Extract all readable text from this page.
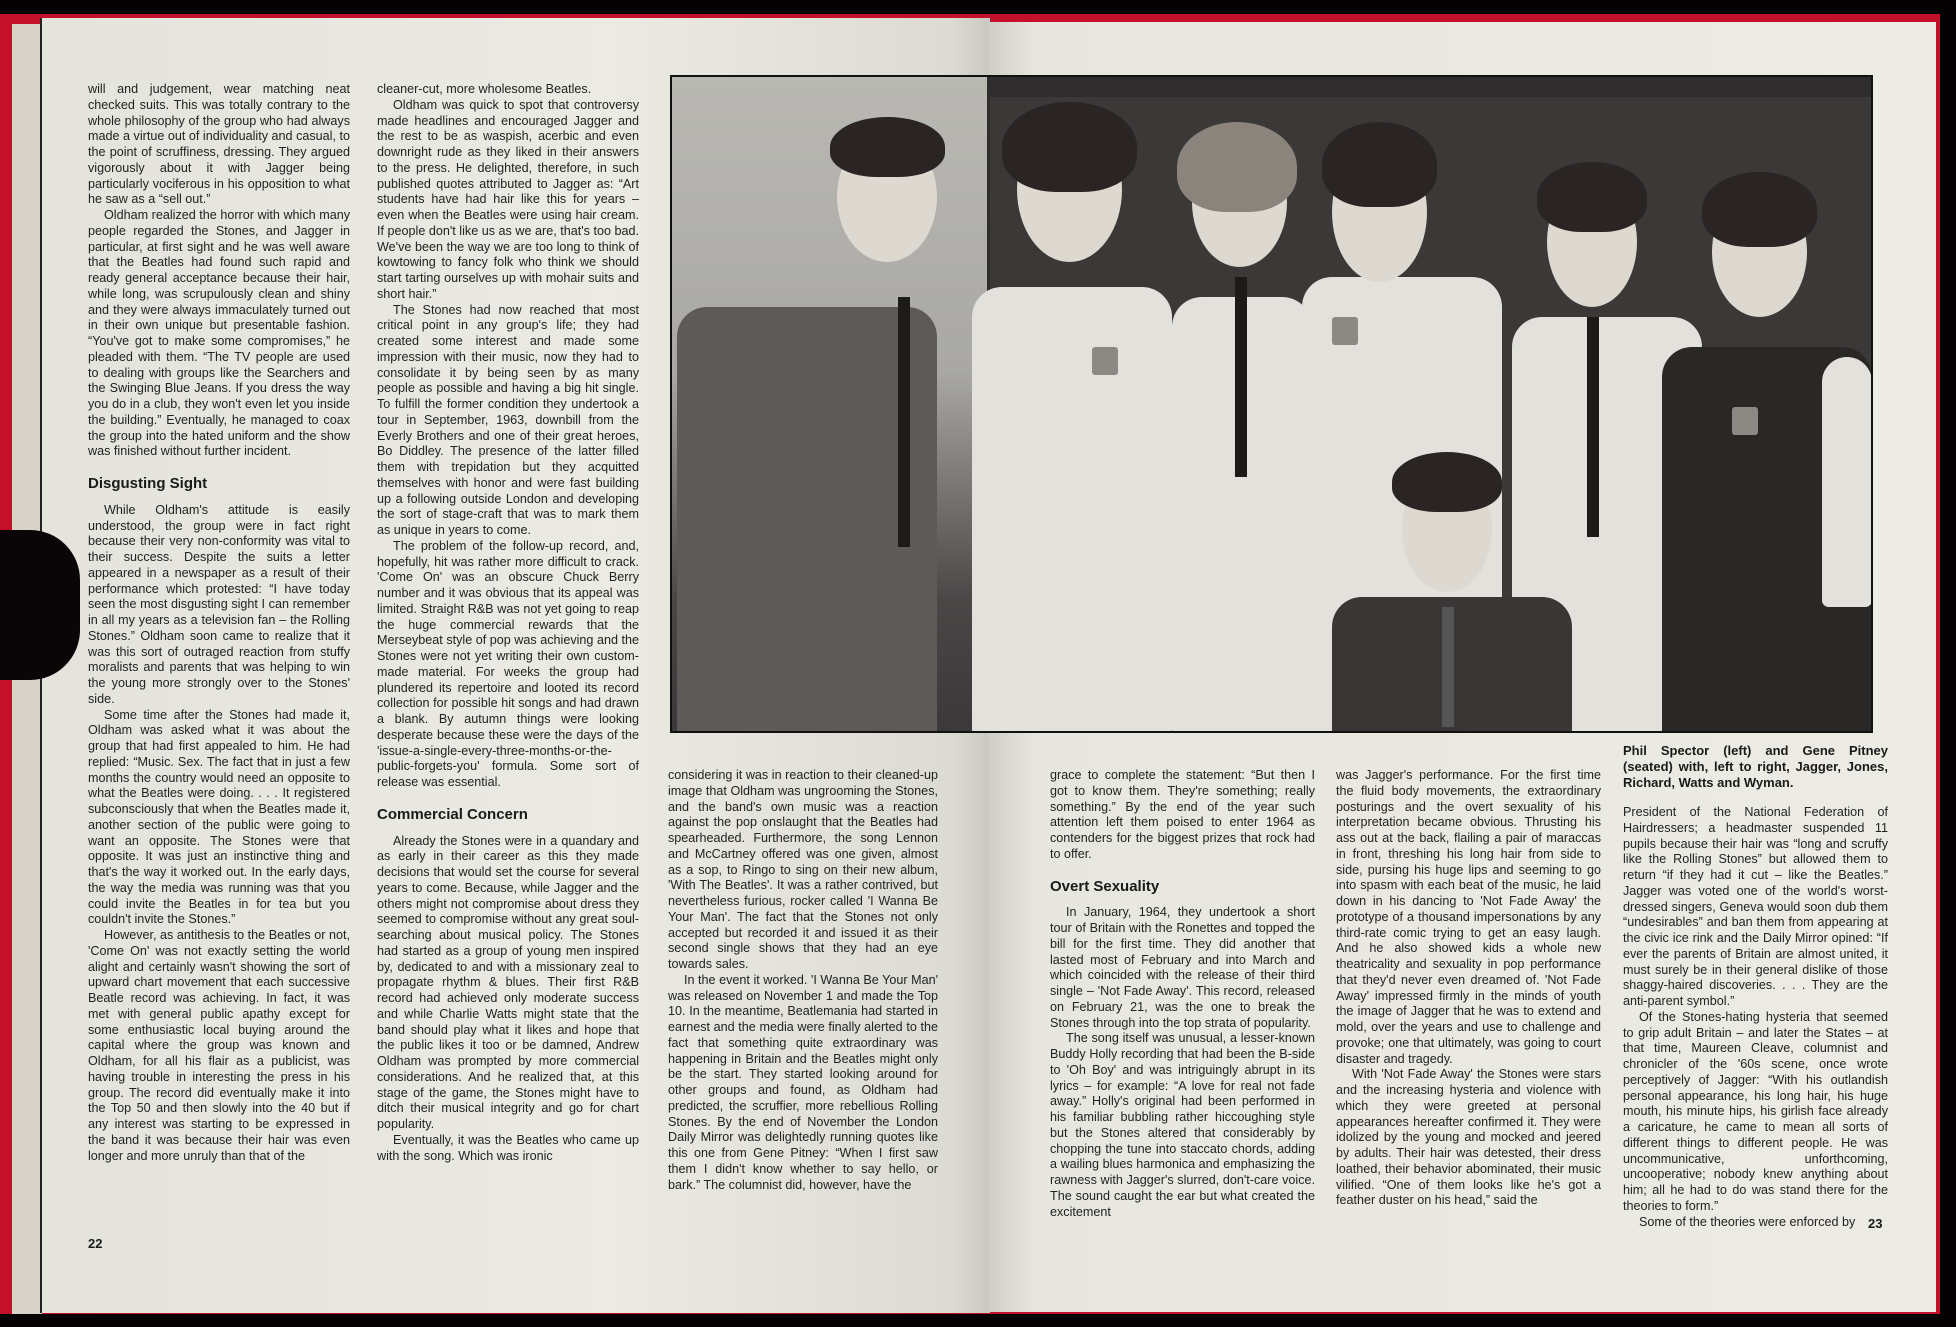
will and judgement, wear matching neat checked suits. This was totally contrary to the whole philosophy of the group who had always made a virtue out of individuality and casual, to the point of scruffiness, dressing. They argued vigorously about it with Jagger being particularly vociferous in his opposition to what he saw as a “sell out.”

Oldham realized the horror with which many people regarded the Stones, and Jagger in particular, at first sight and he was well aware that the Beatles had found such rapid and ready general acceptance because their hair, while long, was scrupulously clean and shiny and they were always immaculately turned out in their own unique but presentable fashion. “You've got to make some compromises,” he pleaded with them. “The TV people are used to dealing with groups like the Searchers and the Swinging Blue Jeans. If you dress the way you do in a club, they won't even let you inside the building.” Eventually, he managed to coax the group into the hated uniform and the show was finished without further incident.

Disgusting Sight

While Oldham's attitude is easily understood, the group were in fact right because their very non-conformity was vital to their success. Despite the suits a letter appeared in a newspaper as a result of their performance which protested: “I have today seen the most disgusting sight I can remember in all my years as a television fan – the Rolling Stones.” Oldham soon came to realize that it was this sort of outraged reaction from stuffy moralists and parents that was helping to win the young more strongly over to the Stones' side.

Some time after the Stones had made it, Oldham was asked what it was about the group that had first appealed to him. He had replied: “Music. Sex. The fact that in just a few months the country would need an opposite to what the Beatles were doing. . . . It registered subconsciously that when the Beatles made it, another section of the public were going to want an opposite. The Stones were that opposite. It was just an instinctive thing and that's the way it worked out. In the early days, the way the media was running was that you could invite the Beatles in for tea but you couldn't invite the Stones.”

However, as antithesis to the Beatles or not, 'Come On' was not exactly setting the world alight and certainly wasn't showing the sort of upward chart movement that each successive Beatle record was achieving. In fact, it was met with general public apathy except for some enthusiastic local buying around the capital where the group was known and Oldham, for all his flair as a publicist, was having trouble in interesting the press in his group. The record did eventually make it into the Top 50 and then slowly into the 40 but if any interest was starting to be expressed in the band it was because their hair was even longer and more unruly than that of the

22

cleaner-cut, more wholesome Beatles.

Oldham was quick to spot that controversy made headlines and encouraged Jagger and the rest to be as waspish, acerbic and even downright rude as they liked in their answers to the press. He delighted, therefore, in such published quotes attributed to Jagger as: “Art students have had hair like this for years – even when the Beatles were using hair cream. If people don't like us as we are, that's too bad. We've been the way we are too long to think of kowtowing to fancy folk who think we should start tarting ourselves up with mohair suits and short hair.”

The Stones had now reached that most critical point in any group's life; they had created some interest and made some impression with their music, now they had to consolidate it by being seen by as many people as possible and having a big hit single. To fulfill the former condition they undertook a tour in September, 1963, downbill from the Everly Brothers and one of their great heroes, Bo Diddley. The presence of the latter filled them with trepidation but they acquitted themselves with honor and were fast building up a following outside London and developing the sort of stage-craft that was to mark them as unique in years to come.

The problem of the follow-up record, and, hopefully, hit was rather more difficult to crack. 'Come On' was an obscure Chuck Berry number and it was obvious that its appeal was limited. Straight R&B was not yet going to reap the huge commercial rewards that the Merseybeat style of pop was achieving and the Stones were not yet writing their own custom-made material. For weeks the group had plundered its repertoire and looted its record collection for possible hit songs and had drawn a blank. By autumn things were looking desperate because these were the days of the 'issue-a-single-every-three-months-or-the-public-forgets-you' formula. Some sort of release was essential.

Commercial Concern

Already the Stones were in a quandary and as early in their career as this they made decisions that would set the course for several years to come. Because, while Jagger and the others might not compromise about dress they seemed to compromise without any great soul-searching about musical policy. The Stones had started as a group of young men inspired by, dedicated to and with a missionary zeal to propagate rhythm & blues. Their first R&B record had achieved only moderate success and while Charlie Watts might state that the band should play what it likes and hope that the public likes it too or be damned, Andrew Oldham was prompted by more commercial considerations. And he realized that, at this stage of the game, the Stones might have to ditch their musical integrity and go for chart popularity.

Eventually, it was the Beatles who came up with the song. Which was ironic

considering it was in reaction to their cleaned-up image that Oldham was ungrooming the Stones, and the band's own music was a reaction against the pop onslaught that the Beatles had spearheaded. Furthermore, the song Lennon and McCartney offered was one given, almost as a sop, to Ringo to sing on their new album, 'With The Beatles'. It was a rather contrived, but nevertheless furious, rocker called 'I Wanna Be Your Man'. The fact that the Stones not only accepted but recorded it and issued it as their second single shows that they had an eye towards sales.

In the event it worked. 'I Wanna Be Your Man' was released on November 1 and made the Top 10. In the meantime, Beatlemania had started in earnest and the media were finally alerted to the fact that something quite extraordinary was happening in Britain and the Beatles might only be the start. They started looking around for other groups and found, as Oldham had predicted, the scruffier, more rebellious Rolling Stones. By the end of November the London Daily Mirror was delightedly running quotes like this one from Gene Pitney: “When I first saw them I didn't know whether to say hello, or bark.” The columnist did, however, have the

grace to complete the statement: “But then I got to know them. They're something; really something.” By the end of the year such attention left them poised to enter 1964 as contenders for the biggest prizes that rock had to offer.

Overt Sexuality

In January, 1964, they undertook a short tour of Britain with the Ronettes and topped the bill for the first time. They did another that lasted most of February and into March and which coincided with the release of their third single – 'Not Fade Away'. This record, released on February 21, was the one to break the Stones through into the top strata of popularity.

The song itself was unusual, a lesser-known Buddy Holly recording that had been the B-side to 'Oh Boy' and was intriguingly abrupt in its lyrics – for example: “A love for real not fade away.” Holly's original had been performed in his familiar bubbling rather hiccoughing style but the Stones altered that considerably by chopping the tune into staccato chords, adding a wailing blues harmonica and emphasizing the rawness with Jagger's slurred, don't-care voice. The sound caught the ear but what created the excitement

was Jagger's performance. For the first time the fluid body movements, the extraordinary posturings and the overt sexuality of his interpretation became obvious. Thrusting his ass out at the back, flailing a pair of maraccas in front, threshing his long hair from side to side, pursing his huge lips and seeming to go into spasm with each beat of the music, he laid down in his dancing to 'Not Fade Away' the prototype of a thousand impersonations by any third-rate comic trying to get an easy laugh. And he also showed kids a whole new theatricality and sexuality in pop performance that they'd never even dreamed of. 'Not Fade Away' impressed firmly in the minds of youth the image of Jagger that he was to extend and mold, over the years and use to challenge and provoke; one that ultimately, was going to court disaster and tragedy.

With 'Not Fade Away' the Stones were stars and the increasing hysteria and violence with which they were greeted at personal appearances hereafter confirmed it. They were idolized by the young and mocked and jeered by adults. Their hair was detested, their dress loathed, their behavior abominated, their music vilified. “One of them looks like he's got a feather duster on his head,” said the

Phil Spector (left) and Gene Pitney (seated) with, left to right, Jagger, Jones, Richard, Watts and Wyman.

President of the National Federation of Hairdressers; a headmaster suspended 11 pupils because their hair was “long and scruffy like the Rolling Stones” but allowed them to return “if they had it cut – like the Beatles.” Jagger was voted one of the world's worst-dressed singers, Geneva would soon dub them “undesirables” and ban them from appearing at the civic ice rink and the Daily Mirror opined: “If ever the parents of Britain are almost united, it must surely be in their general dislike of those shaggy-haired discoveries. . . . They are the anti-parent symbol.”

Of the Stones-hating hysteria that seemed to grip adult Britain – and later the States – at that time, Maureen Cleave, columnist and chronicler of the '60s scene, once wrote perceptively of Jagger: “With his outlandish personal appearance, his long hair, his huge mouth, his minute hips, his girlish face already a caricature, he came to mean all sorts of different things to different people. He was uncommunicative, unforthcoming, uncooperative; nobody knew anything about him; all he had to do was stand there for the theories to form.”

Some of the theories were enforced by 23
